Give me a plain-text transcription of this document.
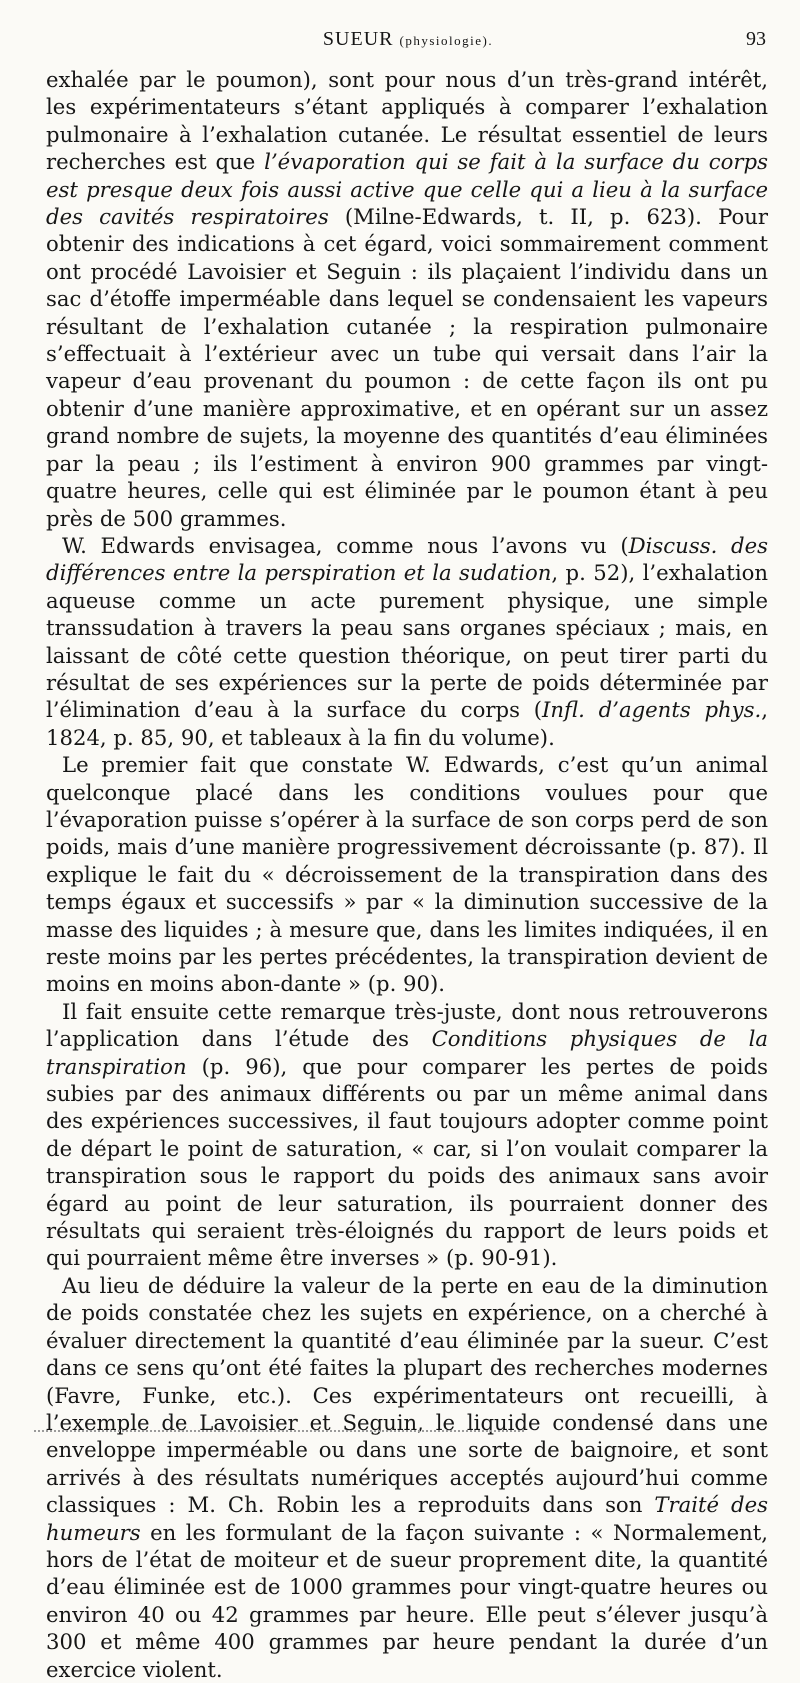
SUEUR (physiologie).	93

exhalée par le poumon), sont pour nous d’un très-grand intérêt, les expérimentateurs s’étant appliqués à comparer l’exhalation pulmonaire à l’exhalation cutanée. Le résultat essentiel de leurs recherches est que l’évaporation qui se fait à la surface du corps est presque deux fois aussi active que celle qui a lieu à la surface des cavités respiratoires (Milne-Edwards, t. II, p. 623). Pour obtenir des indications à cet égard, voici sommairement comment ont procédé Lavoisier et Seguin : ils plaçaient l’individu dans un sac d’étoffe imperméable dans lequel se condensaient les vapeurs résultant de l’exhalation cutanée ; la respiration pulmonaire s’effectuait à l’extérieur avec un tube qui versait dans l’air la vapeur d’eau provenant du poumon : de cette façon ils ont pu obtenir d’une manière approximative, et en opérant sur un assez grand nombre de sujets, la moyenne des quantités d’eau éliminées par la peau ; ils l’estiment à environ 900 grammes par vingt-quatre heures, celle qui est éliminée par le poumon étant à peu près de 500 grammes.

W. Edwards envisagea, comme nous l’avons vu (Discuss. des différences entre la perspiration et la sudation, p. 52), l’exhalation aqueuse comme un acte purement physique, une simple transsudation à travers la peau sans organes spéciaux ; mais, en laissant de côté cette question théorique, on peut tirer parti du résultat de ses expériences sur la perte de poids déterminée par l’élimination d’eau à la surface du corps (Infl. d’agents phys., 1824, p. 85, 90, et tableaux à la fin du volume).

Le premier fait que constate W. Edwards, c’est qu’un animal quelconque placé dans les conditions voulues pour que l’évaporation puisse s’opérer à la surface de son corps perd de son poids, mais d’une manière progressivement décroissante (p. 87). Il explique le fait du « décroissement de la transpiration dans des temps égaux et successifs » par « la diminution successive de la masse des liquides ; à mesure que, dans les limites indiquées, il en reste moins par les pertes précédentes, la transpiration devient de moins en moins abon-dante » (p. 90).

Il fait ensuite cette remarque très-juste, dont nous retrouverons l’application dans l’étude des Conditions physiques de la transpiration (p. 96), que pour comparer les pertes de poids subies par des animaux différents ou par un même animal dans des expériences successives, il faut toujours adopter comme point de départ le point de saturation, « car, si l’on voulait comparer la transpiration sous le rapport du poids des animaux sans avoir égard au point de leur saturation, ils pourraient donner des résultats qui seraient très-éloignés du rapport de leurs poids et qui pourraient même être inverses » (p. 90-91).

Au lieu de déduire la valeur de la perte en eau de la diminution de poids constatée chez les sujets en expérience, on a cherché à évaluer directement la quantité d’eau éliminée par la sueur. C’est dans ce sens qu’ont été faites la plupart des recherches modernes (Favre, Funke, etc.). Ces expérimentateurs ont recueilli, à l’exemple de Lavoisier et Seguin, le liquide condensé dans une enveloppe imperméable ou dans une sorte de baignoire, et sont arrivés à des résultats numériques acceptés aujourd’hui comme classiques : M. Ch. Robin les a reproduits dans son Traité des humeurs en les formulant de la façon suivante : « Normalement, hors de l’état de moiteur et de sueur proprement dite, la quantité d’eau éliminée est de 1000 grammes pour vingt-quatre heures ou environ 40 ou 42 grammes par heure. Elle peut s’élever jusqu’à 300 et même 400 grammes par heure pendant la durée d’un exercice violent.
